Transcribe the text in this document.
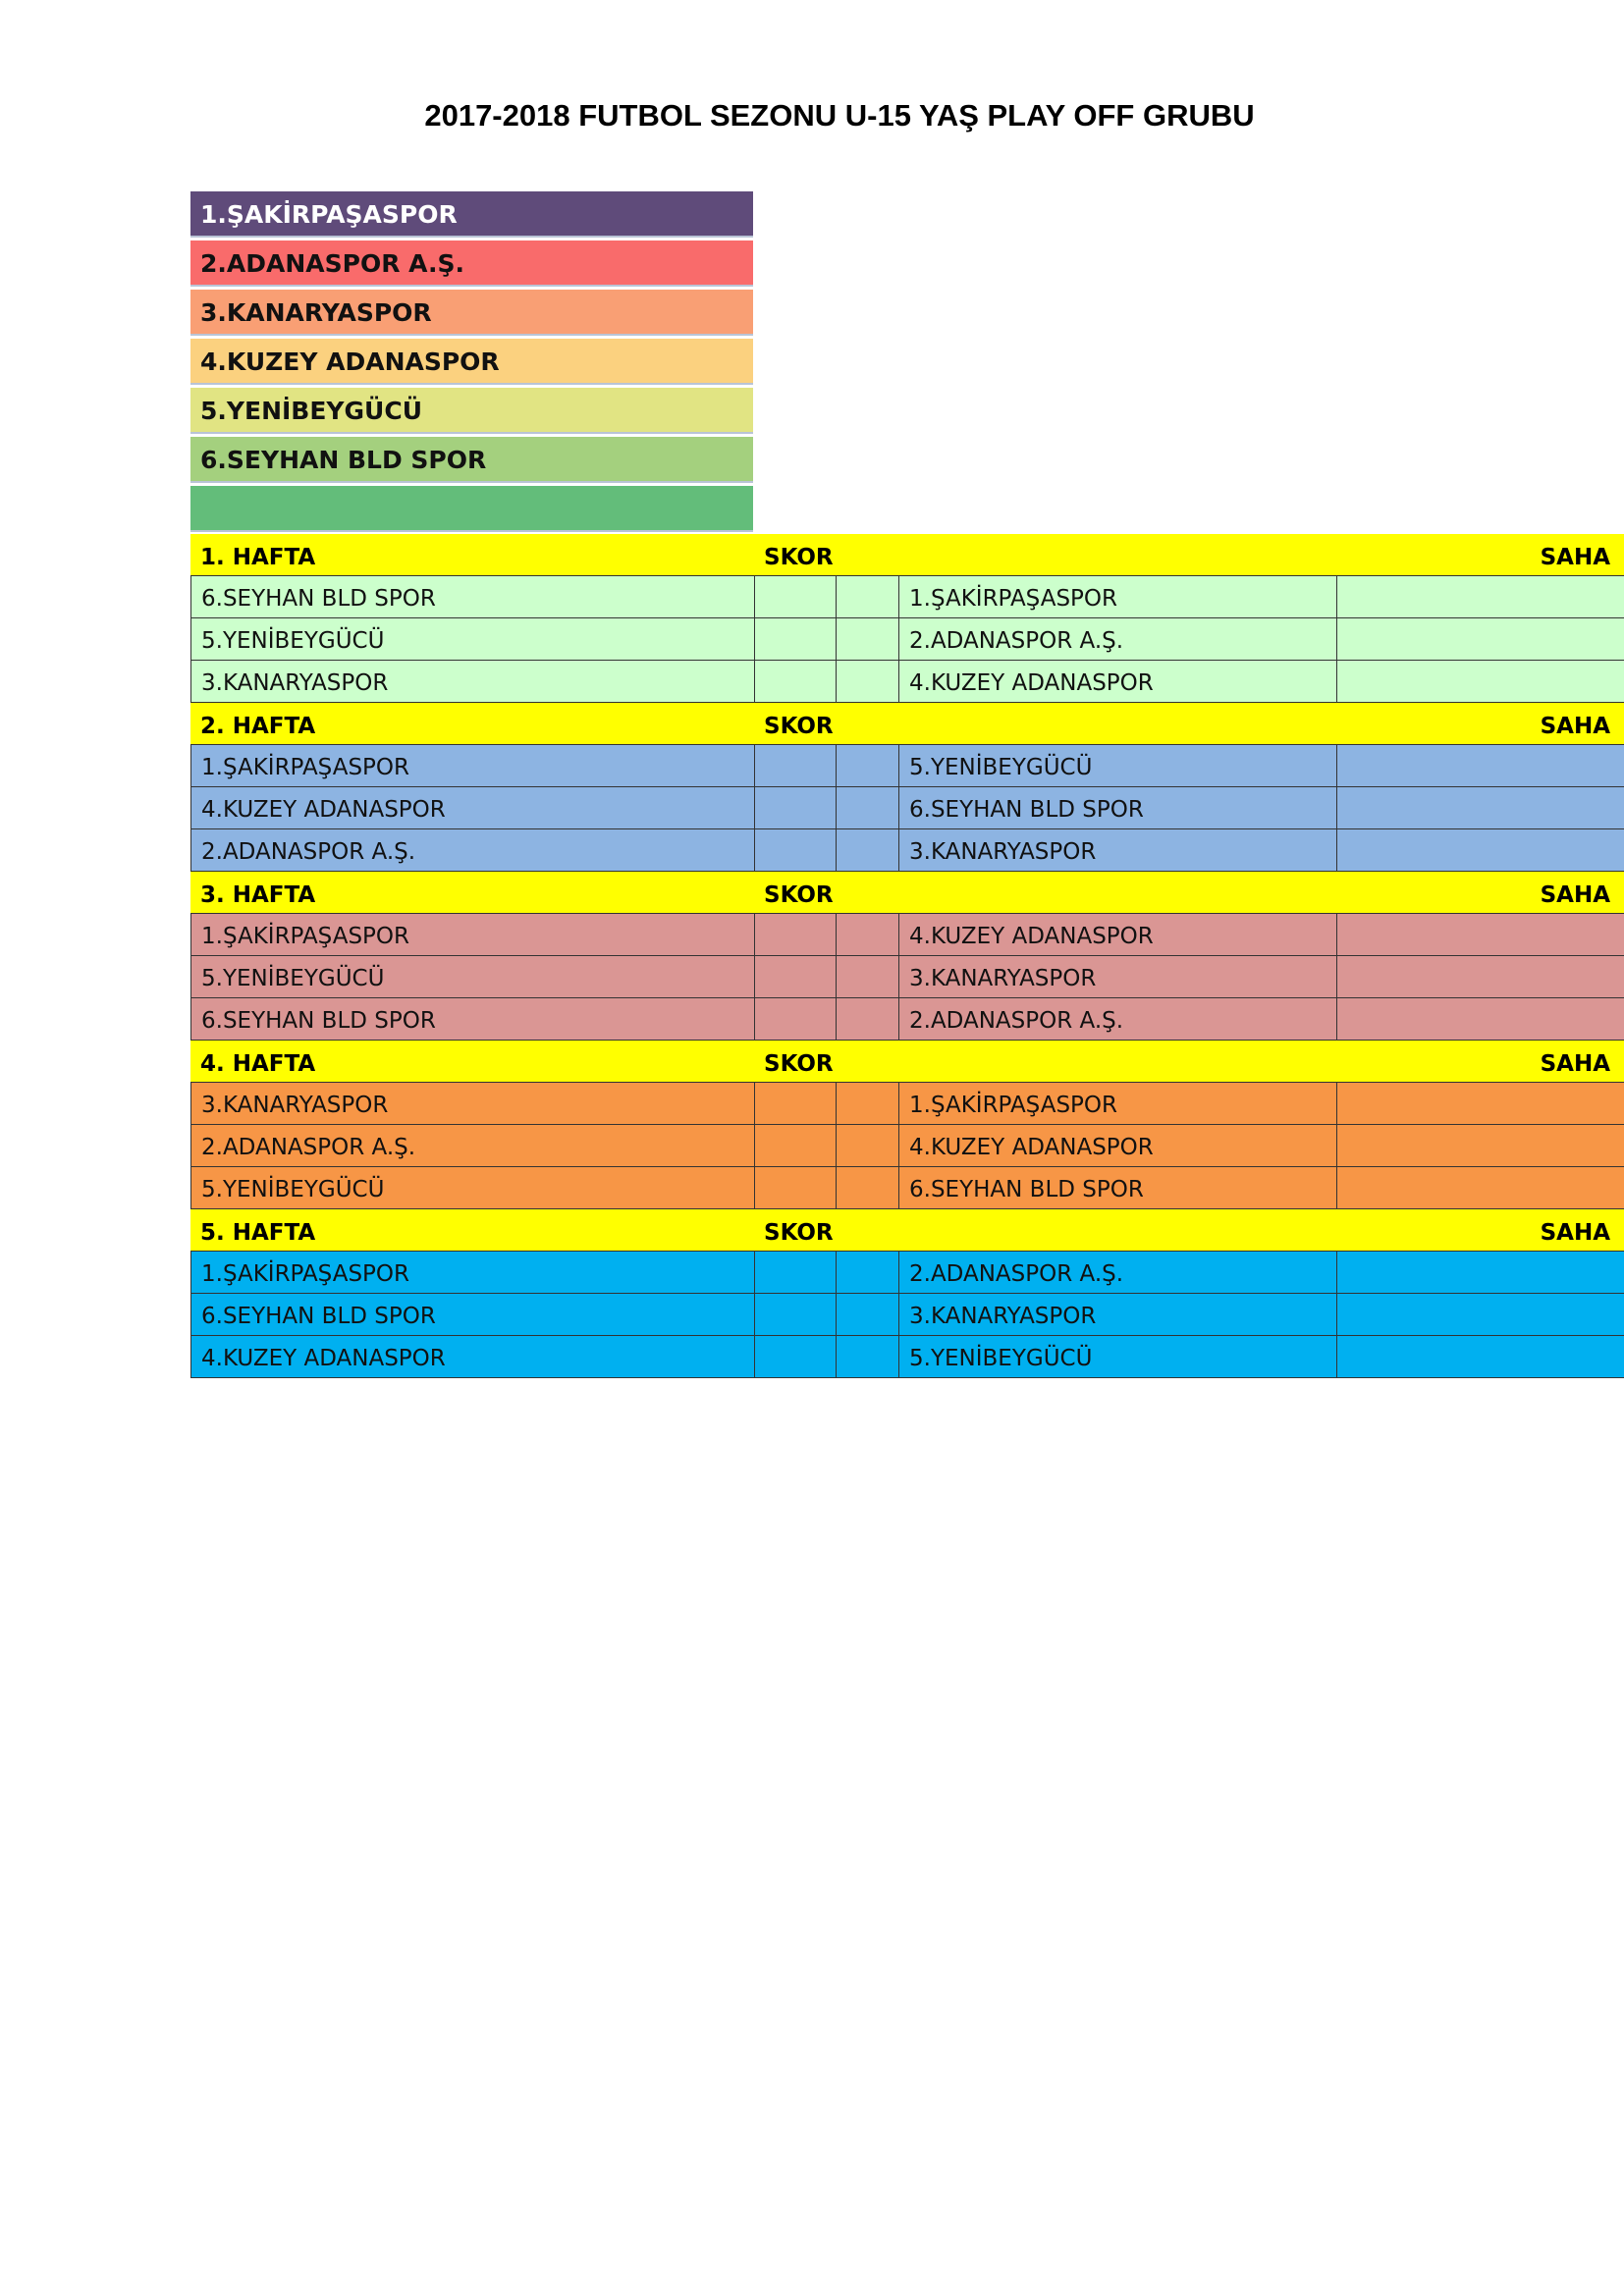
2017-2018 FUTBOL SEZONU U-15 YAŞ PLAY OFF GRUBU
1.ŞAKİRPAŞASPOR
2.ADANASPOR A.Ş.
3.KANARYASPOR
4.KUZEY ADANASPOR
5.YENİBEYGÜCÜ
6.SEYHAN BLD SPOR
1. HAFTA	SKOR	SAHA
6.SEYHAN BLD SPOR	1.ŞAKİRPAŞASPOR
5.YENİBEYGÜCÜ	2.ADANASPOR A.Ş.
3.KANARYASPOR	4.KUZEY ADANASPOR
2. HAFTA	SKOR	SAHA
1.ŞAKİRPAŞASPOR	5.YENİBEYGÜCÜ
4.KUZEY ADANASPOR	6.SEYHAN BLD SPOR
2.ADANASPOR A.Ş.	3.KANARYASPOR
3. HAFTA	SKOR	SAHA
1.ŞAKİRPAŞASPOR	4.KUZEY ADANASPOR
5.YENİBEYGÜCÜ	3.KANARYASPOR
6.SEYHAN BLD SPOR	2.ADANASPOR A.Ş.
4. HAFTA	SKOR	SAHA
3.KANARYASPOR	1.ŞAKİRPAŞASPOR
2.ADANASPOR A.Ş.	4.KUZEY ADANASPOR
5.YENİBEYGÜCÜ	6.SEYHAN BLD SPOR
5. HAFTA	SKOR	SAHA
1.ŞAKİRPAŞASPOR	2.ADANASPOR A.Ş.
6.SEYHAN BLD SPOR	3.KANARYASPOR
4.KUZEY ADANASPOR	5.YENİBEYGÜCÜ
